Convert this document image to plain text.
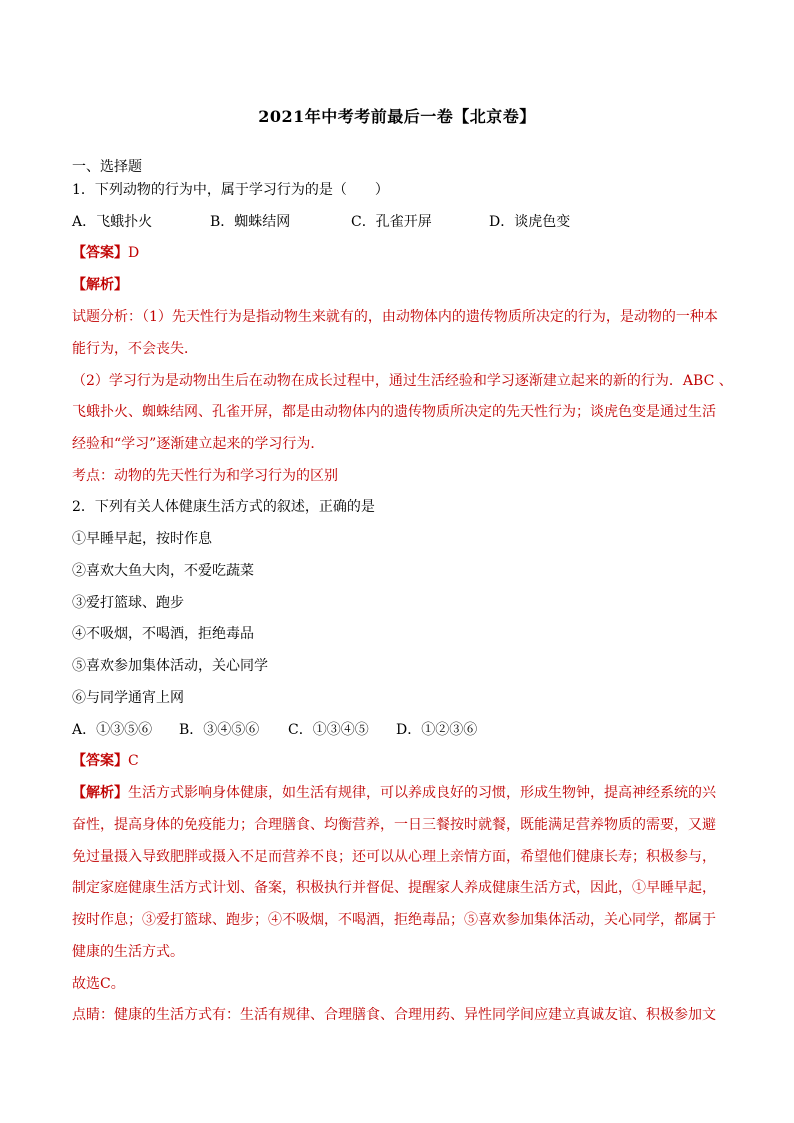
2021年中考考前最后一卷【北京卷】
一、选择题
1．下列动物的行为中，属于学习行为的是（　　）
A．飞蛾扑火	B．蜘蛛结网	C．孔雀开屏	D．谈虎色变
【答案】D
【解析】
试题分析：（1）先天性行为是指动物生来就有的，由动物体内的遗传物质所决定的行为，是动物的一种本
能行为，不会丧失．
（2）学习行为是动物出生后在动物在成长过程中，通过生活经验和学习逐渐建立起来的新的行为．ABC 、
飞蛾扑火、蜘蛛结网、孔雀开屏，都是由动物体内的遗传物质所决定的先天性行为；谈虎色变是通过生活
经验和“学习”逐渐建立起来的学习行为．
考点：动物的先天性行为和学习行为的区别
2．下列有关人体健康生活方式的叙述，正确的是
①早睡早起，按时作息
②喜欢大鱼大肉，不爱吃蔬菜
③爱打篮球、跑步
④不吸烟，不喝酒，拒绝毒品
⑤喜欢参加集体活动，关心同学
⑥与同学通宵上网
A．①③⑤⑥ B．③④⑤⑥ C．①③④⑤ D．①②③⑥
【答案】C
【解析】生活方式影响身体健康，如生活有规律，可以养成良好的习惯，形成生物钟，提高神经系统的兴
奋性，提高身体的免疫能力；合理膳食、均衡营养，一日三餐按时就餐，既能满足营养物质的需要，又避
免过量摄入导致肥胖或摄入不足而营养不良；还可以从心理上亲情方面，希望他们健康长寿；积极参与，
制定家庭健康生活方式计划、备案，积极执行并督促、提醒家人养成健康生活方式，因此，①早睡早起，
按时作息；③爱打篮球、跑步；④不吸烟，不喝酒，拒绝毒品；⑤喜欢参加集体活动，关心同学，都属于
健康的生活方式。
故选C。
点睛：健康的生活方式有：生活有规律、合理膳食、合理用药、异性同学间应建立真诚友谊、积极参加文
